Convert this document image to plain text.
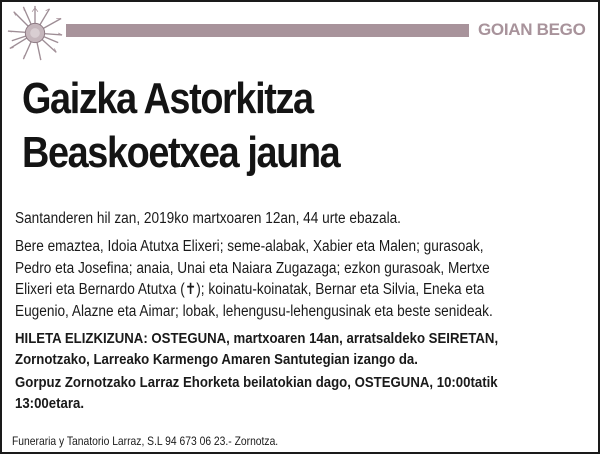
GOIAN BEGO
Gaizka Astorkitza
Beaskoetxea jauna
Santanderen hil zan, 2019ko martxoaren 12an, 44 urte ebazala.
Bere emaztea, Idoia Atutxa Elixeri; seme-alabak, Xabier eta Malen; gurasoak,
Pedro eta Josefina; anaia, Unai eta Naiara Zugazaga; ezkon gurasoak, Mertxe
Elixeri eta Bernardo Atutxa (✝); koinatu-koinatak, Bernar eta Silvia, Eneka eta
Eugenio, Alazne eta Aimar; lobak, lehengusu-lehengusinak eta beste senideak.
HILETA ELIZKIZUNA: OSTEGUNA, martxoaren 14an, arratsaldeko SEIRETAN,
Zornotzako, Larreako Karmengo Amaren Santutegian izango da.
Gorpuz Zornotzako Larraz Ehorketa beilatokian dago, OSTEGUNA, 10:00tatik
13:00etara.
Funeraria y Tanatorio Larraz, S.L 94 673 06 23.- Zornotza.
